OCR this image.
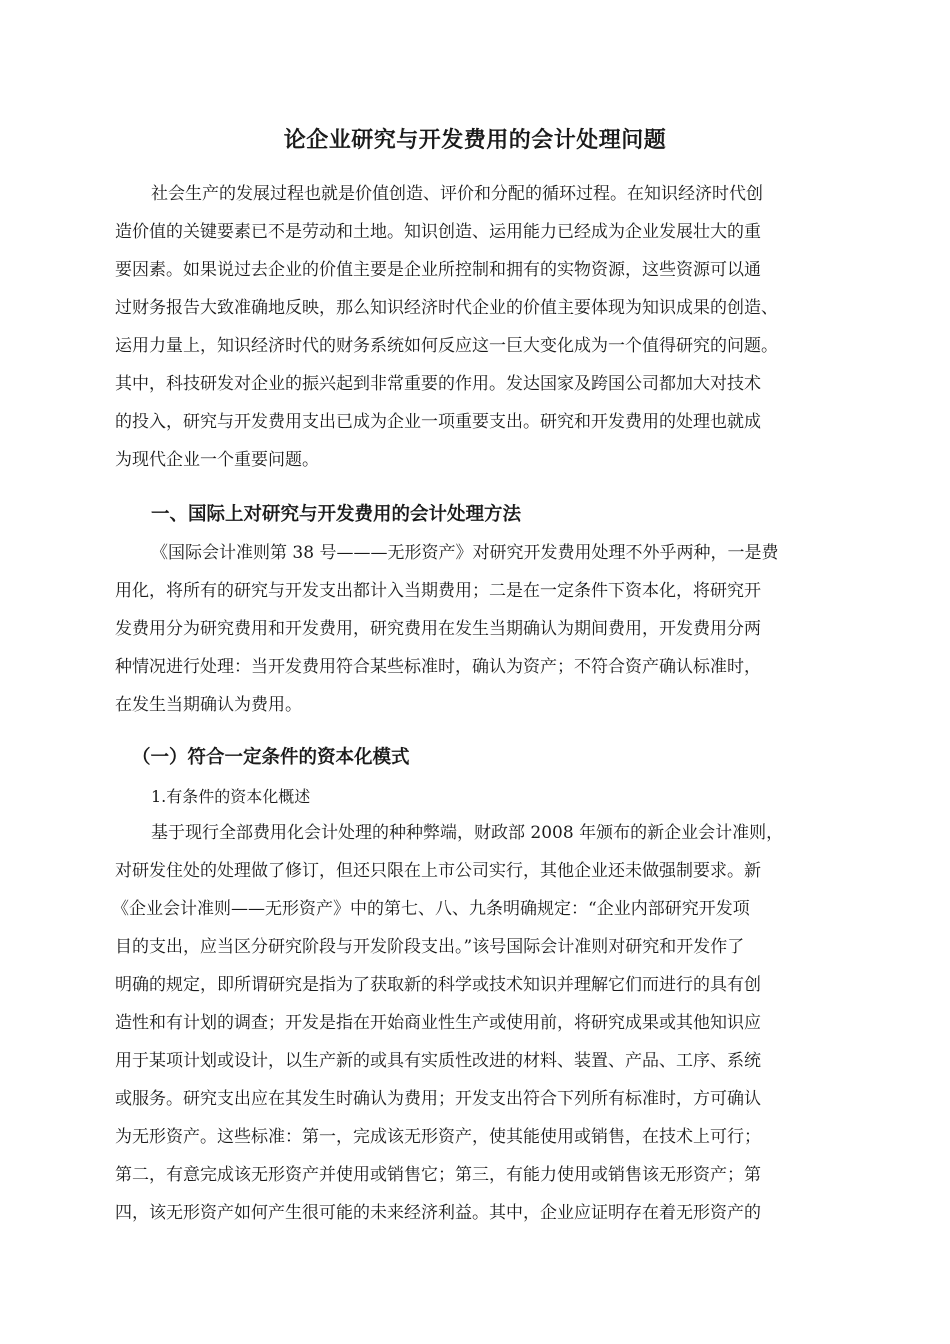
论企业研究与开发费用的会计处理问题
社会生产的发展过程也就是价值创造、评价和分配的循环过程。在知识经济时代创
造价值的关键要素已不是劳动和土地。知识创造、运用能力已经成为企业发展壮大的重
要因素。如果说过去企业的价值主要是企业所控制和拥有的实物资源，这些资源可以通
过财务报告大致准确地反映，那么知识经济时代企业的价值主要体现为知识成果的创造、
运用力量上，知识经济时代的财务系统如何反应这一巨大变化成为一个值得研究的问题。
其中，科技研发对企业的振兴起到非常重要的作用。发达国家及跨国公司都加大对技术
的投入，研究与开发费用支出已成为企业一项重要支出。研究和开发费用的处理也就成
为现代企业一个重要问题。
一、国际上对研究与开发费用的会计处理方法
《国际会计准则第 38 号———无形资产》对研究开发费用处理不外乎两种，一是费
用化，将所有的研究与开发支出都计入当期费用；二是在一定条件下资本化，将研究开
发费用分为研究费用和开发费用，研究费用在发生当期确认为期间费用，开发费用分两
种情况进行处理：当开发费用符合某些标准时，确认为资产；不符合资产确认标准时，
在发生当期确认为费用。
（一）符合一定条件的资本化模式
1.有条件的资本化概述
基于现行全部费用化会计处理的种种弊端，财政部 2008 年颁布的新企业会计准则，
对研发住处的处理做了修订，但还只限在上市公司实行，其他企业还未做强制要求。新
《企业会计准则——无形资产》中的第七、八、九条明确规定：“企业内部研究开发项
目的支出，应当区分研究阶段与开发阶段支出。”该号国际会计准则对研究和开发作了
明确的规定，即所谓研究是指为了获取新的科学或技术知识并理解它们而进行的具有创
造性和有计划的调查；开发是指在开始商业性生产或使用前，将研究成果或其他知识应
用于某项计划或设计，以生产新的或具有实质性改进的材料、装置、产品、工序、系统
或服务。研究支出应在其发生时确认为费用；开发支出符合下列所有标准时，方可确认
为无形资产。这些标准：第一，完成该无形资产，使其能使用或销售，在技术上可行；
第二，有意完成该无形资产并使用或销售它；第三，有能力使用或销售该无形资产；第
四，该无形资产如何产生很可能的未来经济利益。其中，企业应证明存在着无形资产的
